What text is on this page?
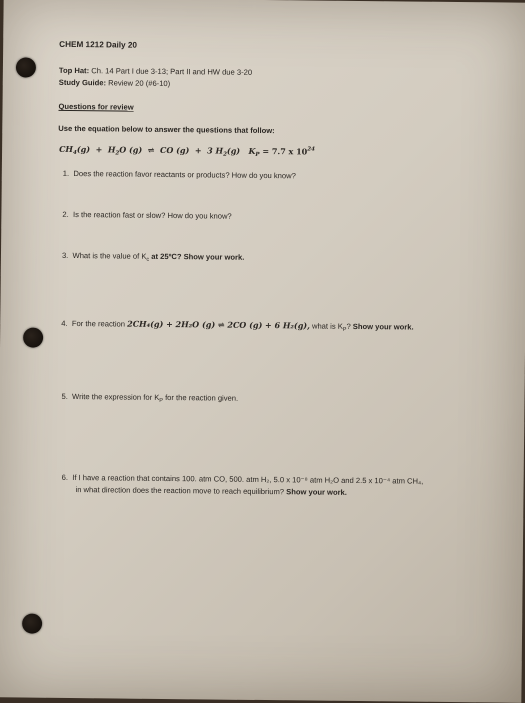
CHEM 1212 Daily 20
Top Hat: Ch. 14 Part I due 3-13; Part II and HW due 3-20
Study Guide: Review 20 (#6-10)
Questions for review
Use the equation below to answer the questions that follow:
$CH_4(g) + H_2O$ (g) ⇌ CO (g) + 3 $H_2(g) K_P = 7.7$ x $10^{24}$
1. Does the reaction favor reactants or products? How do you know?
2. Is the reaction fast or slow? How do you know?
3. What is the value of $K_c$ at 25ºC? Show your work.
4. For the reaction 2CH₄(g) + 2H₂O (g) ⇌ 2CO (g) + 6 H₂(g), what is $K_P$? Show your work.
5. Write the expression for $K_P$ for the reaction given.
6. If I have a reaction that contains 100. atm CO, 500. atm H₂, 5.0 x 10⁻⁸ atm H₂O and 2.5 x 10⁻⁴ atm CH₄,
in what direction does the reaction move to reach equilibrium? Show your work.
